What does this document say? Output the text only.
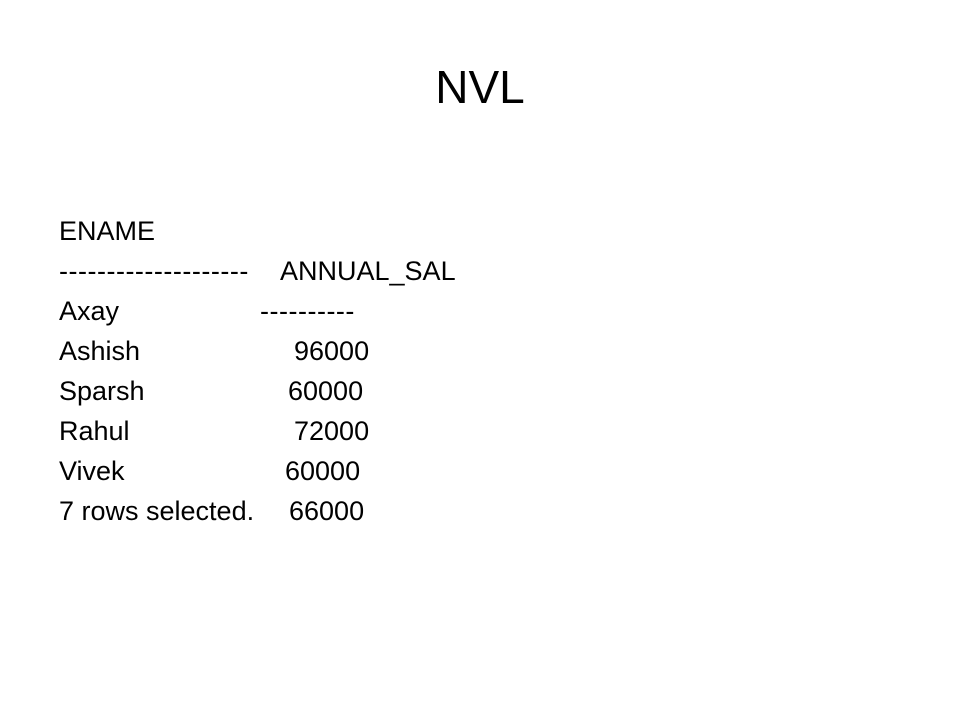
NVL

ENAME

ANNUAL_SAL

--------------------

----------

Axay

96000

Ashish

60000

Sparsh

72000

Rahul

60000

Vivek

66000

7 rows selected.
